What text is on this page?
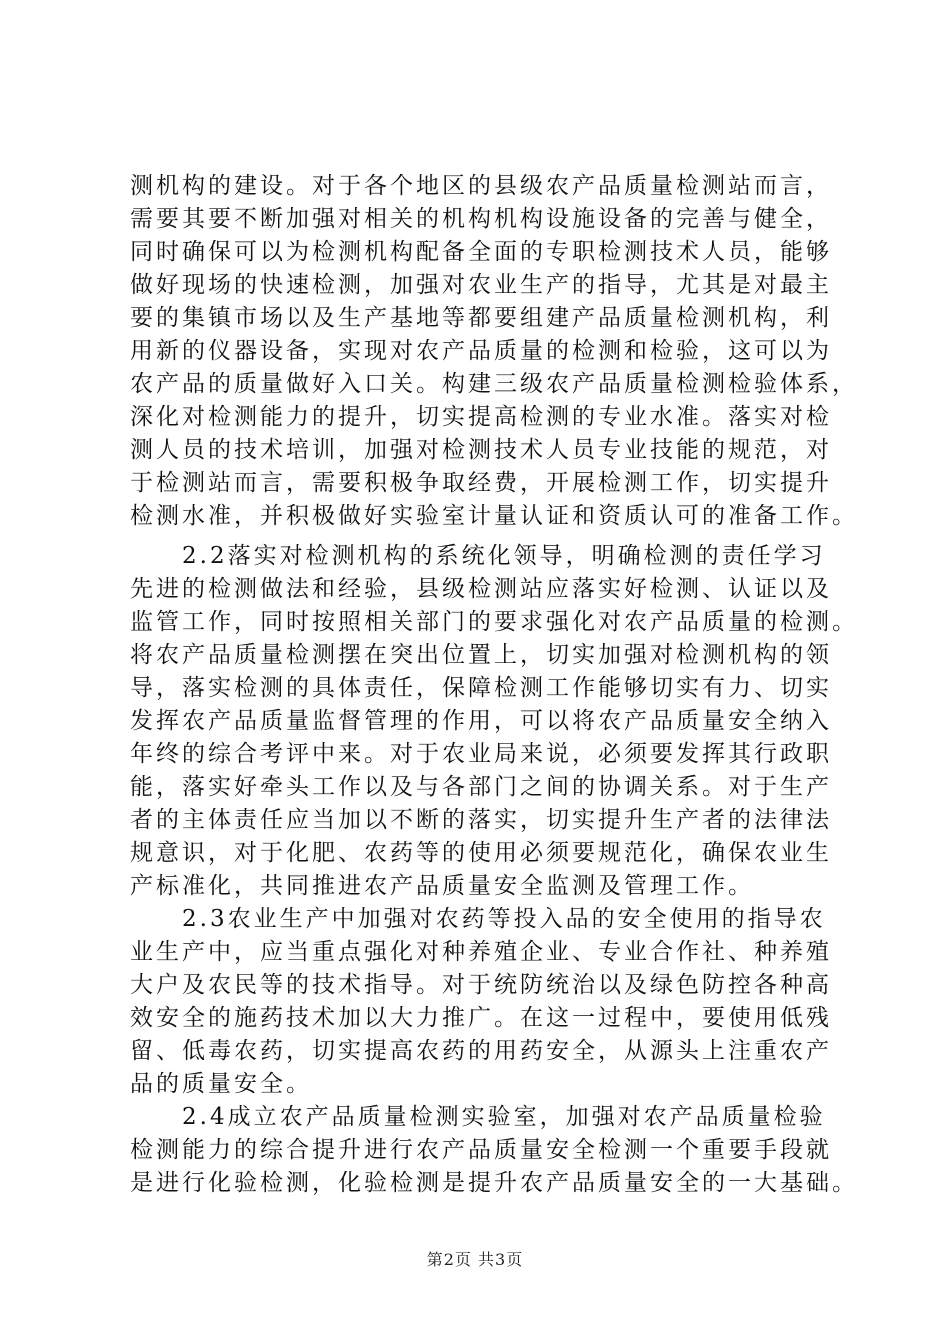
测机构的建设。对于各个地区的县级农产品质量检测站而言，
需要其要不断加强对相关的机构机构设施设备的完善与健全，
同时确保可以为检测机构配备全面的专职检测技术人员，能够
做好现场的快速检测，加强对农业生产的指导，尤其是对最主
要的集镇市场以及生产基地等都要组建产品质量检测机构，利
用新的仪器设备，实现对农产品质量的检测和检验，这可以为
农产品的质量做好入口关。构建三级农产品质量检测检验体系，
深化对检测能力的提升，切实提高检测的专业水准。落实对检
测人员的技术培训，加强对检测技术人员专业技能的规范，对
于检测站而言，需要积极争取经费，开展检测工作，切实提升
检测水准，并积极做好实验室计量认证和资质认可的准备工作。
　　2.2落实对检测机构的系统化领导，明确检测的责任学习
先进的检测做法和经验，县级检测站应落实好检测、认证以及
监管工作，同时按照相关部门的要求强化对农产品质量的检测。
将农产品质量检测摆在突出位置上，切实加强对检测机构的领
导，落实检测的具体责任，保障检测工作能够切实有力、切实
发挥农产品质量监督管理的作用，可以将农产品质量安全纳入
年终的综合考评中来。对于农业局来说，必须要发挥其行政职
能，落实好牵头工作以及与各部门之间的协调关系。对于生产
者的主体责任应当加以不断的落实，切实提升生产者的法律法
规意识，对于化肥、农药等的使用必须要规范化，确保农业生
产标准化，共同推进农产品质量安全监测及管理工作。
　　2.3农业生产中加强对农药等投入品的安全使用的指导农
业生产中，应当重点强化对种养殖企业、专业合作社、种养殖
大户及农民等的技术指导。对于统防统治以及绿色防控各种高
效安全的施药技术加以大力推广。在这一过程中，要使用低残
留、低毒农药，切实提高农药的用药安全，从源头上注重农产
品的质量安全。
　　2.4成立农产品质量检测实验室，加强对农产品质量检验
检测能力的综合提升进行农产品质量安全检测一个重要手段就
是进行化验检测，化验检测是提升农产品质量安全的一大基础。
第2页 共3页
